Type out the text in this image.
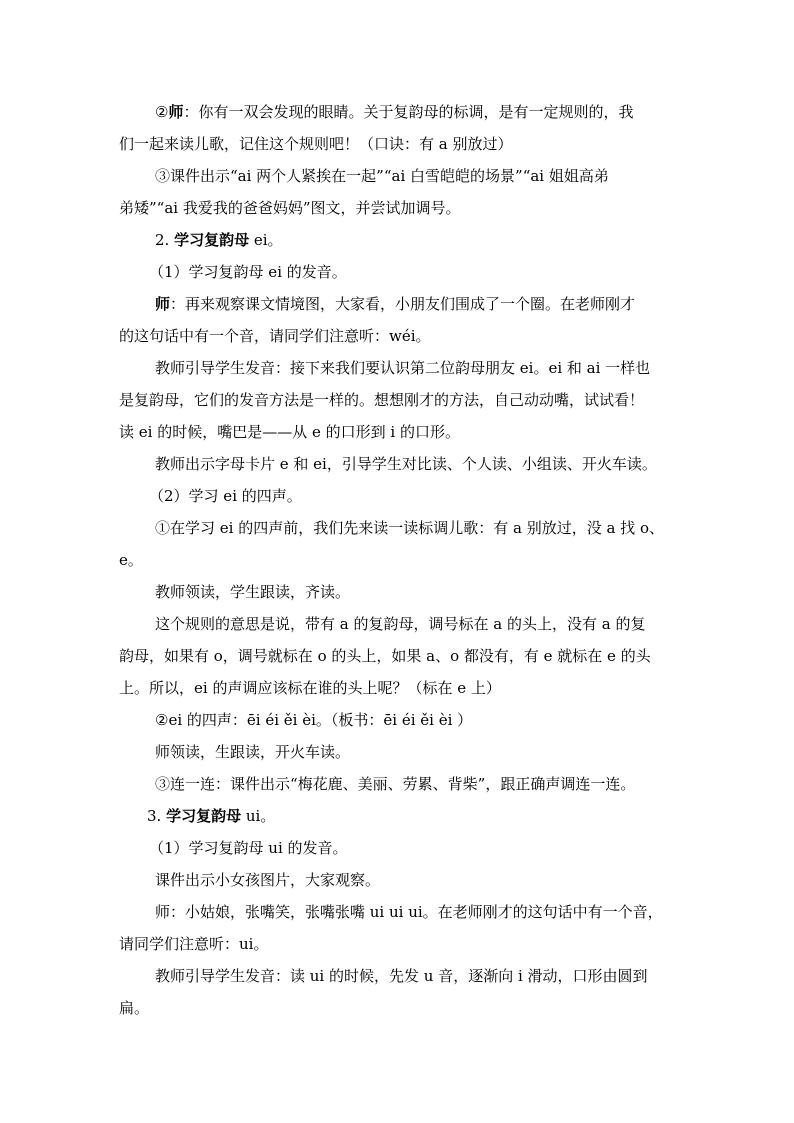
②师：你有一双会发现的眼睛。关于复韵母的标调，是有一定规则的，我

们一起来读儿歌，记住这个规则吧！（口诀：有 a 别放过）

③课件出示“ai 两个人紧挨在一起”“ai 白雪皑皑的场景”“ai 姐姐高弟

弟矮”“ai 我爱我的爸爸妈妈”图文，并尝试加调号。

2. 学习复韵母 ei。

（1）学习复韵母 ei 的发音。

师：再来观察课文情境图，大家看，小朋友们围成了一个圈。在老师刚才

的这句话中有一个音，请同学们注意听：wéi。

教师引导学生发音：接下来我们要认识第二位韵母朋友 ei。ei 和 ai 一样也

是复韵母，它们的发音方法是一样的。想想刚才的方法，自己动动嘴，试试看！

读 ei 的时候，嘴巴是——从 e 的口形到 i 的口形。

教师出示字母卡片 e 和 ei，引导学生对比读、个人读、小组读、开火车读。

（2）学习 ei 的四声。

①在学习 ei 的四声前，我们先来读一读标调儿歌：有 a 别放过，没 a 找 o、

e。

教师领读，学生跟读，齐读。

这个规则的意思是说，带有 a 的复韵母，调号标在 a 的头上，没有 a 的复

韵母，如果有 o，调号就标在 o 的头上，如果 a、o 都没有，有 e 就标在 e 的头

上。所以，ei 的声调应该标在谁的头上呢？（标在 e 上）

②ei 的四声：ēi éi ěi èi。（板书：ēi éi ěi èi ）

师领读，生跟读，开火车读。

③连一连：课件出示“梅花鹿、美丽、劳累、背柴”，跟正确声调连一连。

3. 学习复韵母 ui。

（1）学习复韵母 ui 的发音。

课件出示小女孩图片，大家观察。

师：小姑娘，张嘴笑，张嘴张嘴 ui ui ui。在老师刚才的这句话中有一个音，

请同学们注意听：ui。

教师引导学生发音：读 ui 的时候，先发 u 音，逐渐向 i 滑动，口形由圆到

扁。
